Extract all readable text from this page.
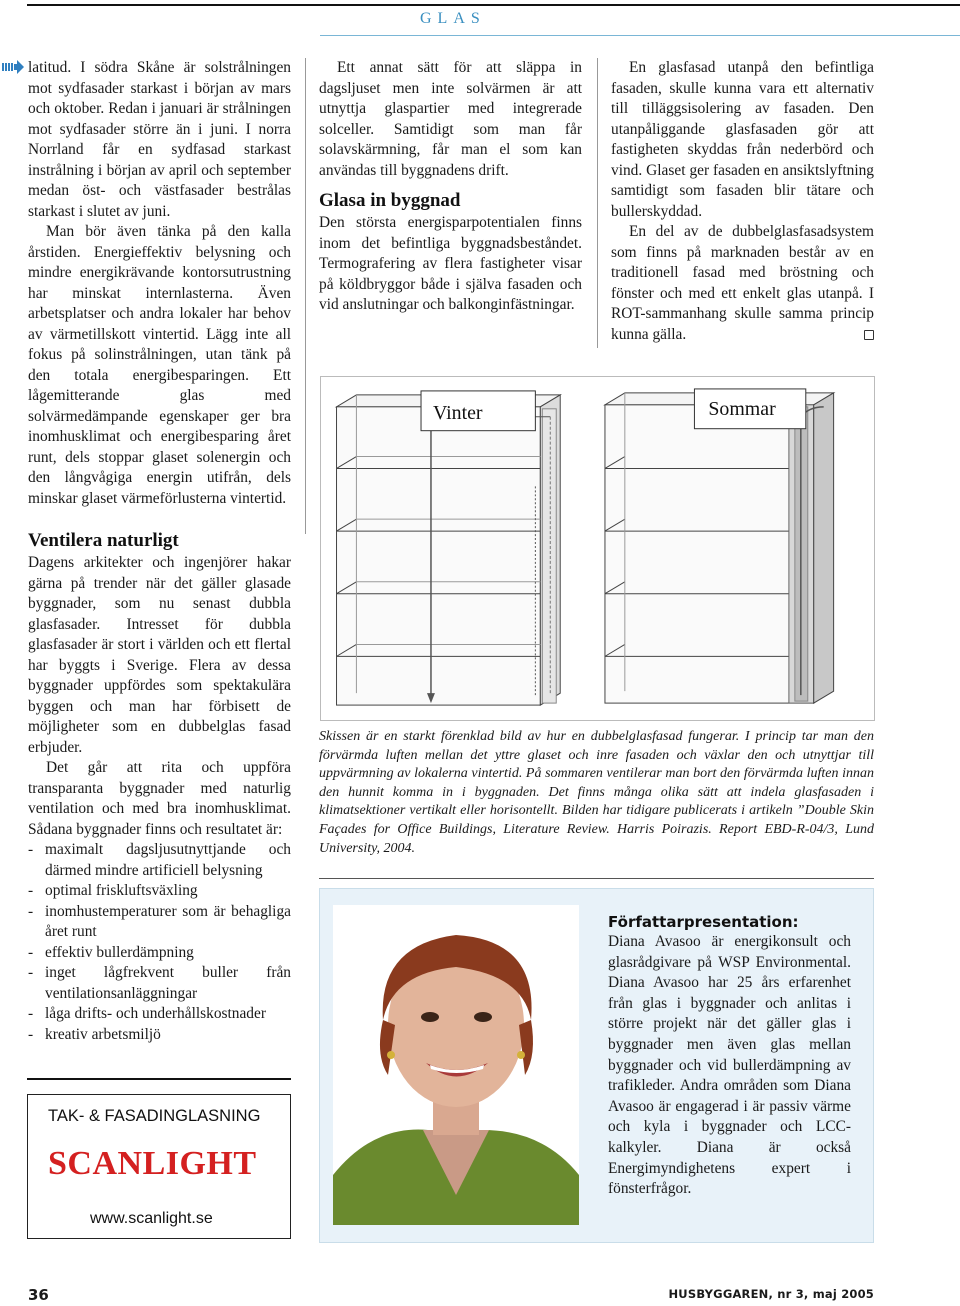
GLAS

latitud. I södra Skåne är solstrålningen mot sydfasader starkast i början av mars och oktober. Redan i januari är strålningen mot sydfasader större än i juni. I norra Norrland får en sydfasad starkast instrålning i början av april och september medan öst- och västfasader bestrålas starkast i slutet av juni.

Man bör även tänka på den kalla årstiden. Energieffektiv belysning och mindre energikrävande kontorsutrustning har minskat internlasterna. Även arbetsplatser och andra lokaler har behov av värmetillskott vintertid. Lägg inte all fokus på solinstrålningen, utan tänk på den totala energibesparingen. Ett lågemitterande glas med solvärmedämpande egenskaper ger bra inomhusklimat och energibesparing året runt, dels stoppar glaset solenergin och den långvågiga energin utifrån, dels minskar glaset värmeförlusterna vintertid.

Ventilera naturligt

Dagens arkitekter och ingenjörer hakar gärna på trender när det gäller glasade byggnader, som nu senast dubbla glasfasader. Intresset för dubbla glasfasader är stort i världen och ett flertal har byggts i Sverige. Flera av dessa byggnader uppfördes som spektakulära byggen och man har förbisett de möjligheter som en dubbelglas fasad erbjuder.

Det går att rita och uppföra transparanta byggnader med naturlig ventilation och med bra inomhusklimat. Sådana byggnader finns och resultatet är:

- maximalt dagsljusutnyttjande och därmed mindre artificiell belysning
- optimal friskluftsväxling
- inomhustemperaturer som är behagliga året runt
- effektiv bullerdämpning
- inget lågfrekvent buller från ventilationsanläggningar
- låga drifts- och underhållskostnader
- kreativ arbetsmiljö

Ett annat sätt för att släppa in dagsljuset men inte solvärmen är att utnyttja glaspartier med integrerade solceller. Samtidigt som man får solavskärmning, får man el som kan användas till byggnadens drift.

Glasa in byggnad

Den största energisparpotentialen finns inom det befintliga byggnadsbeståndet. Termografering av flera fastigheter visar på köldbryggor både i själva fasaden och vid anslutningar och balkonginfästningar.

En glasfasad utanpå den befintliga fasaden, skulle kunna vara ett alternativ till tilläggsisolering av fasaden. Den utanpåliggande glasfasaden gör att fastigheten skyddas från nederbörd och vind. Glaset ger fasaden en ansiktslyftning samtidigt som fasaden blir tätare och bullerskyddad.

En del av de dubbelglasfasadsystem som finns på marknaden består av en traditionell fasad med bröstning och fönster och med ett enkelt glas utanpå. I ROT-sammanhang skulle samma princip kunna gälla.

TAK- & FASADINGLASNING
SCANLIGHT
www.scanlight.se
Vinter	Sommar
Skissen är en starkt förenklad bild av hur en dubbelglasfasad fungerar. I princip tar man den förvärmda luften mellan det yttre glaset och inre fasaden och växlar den och utnyttjar till uppvärmning av lokalerna vintertid. På sommaren ventilerar man bort den förvärmda luften innan den hunnit komma in i byggnaden. Det finns många olika sätt att indela glasfasaden i klimatsektioner vertikalt eller horisontellt. Bilden har tidigare publicerats i artikeln ”Double Skin Façades for Office Buildings, Literature Review. Harris Poirazis. Report EBD-R-04/3, Lund University, 2004.
Författarpresentation:

Diana Avasoo är energikonsult och glasrådgivare på WSP Environmental. Diana Avasoo har 25 års erfarenhet från glas i byggnader och anlitas i större projekt när det gäller glas i byggnader men även glas mellan byggnader och vid bullerdämpning av trafikleder. Andra områden som Diana Avasoo är engagerad i är passiv värme och kyla i byggnader och LCC-kalkyler. Diana är också Energimyndighetens expert i fönsterfrågor.

36	HUSBYGGAREN, nr 3, maj 2005
